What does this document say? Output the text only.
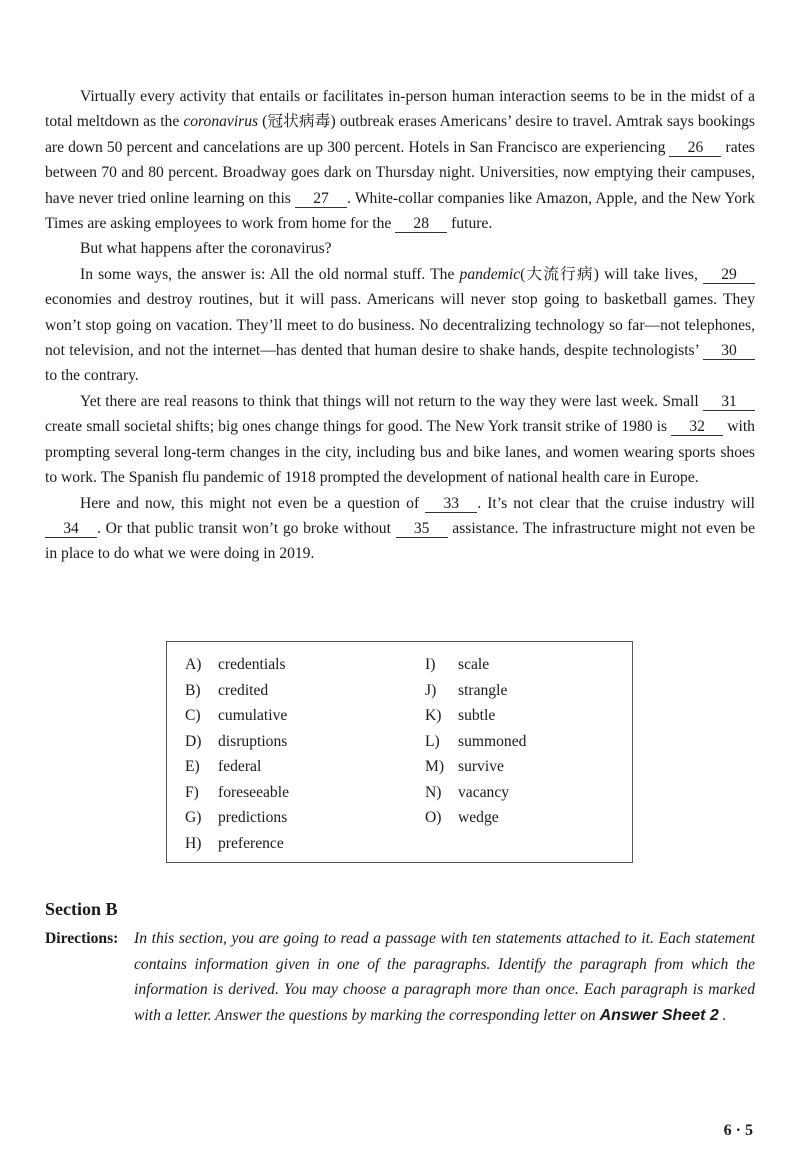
Virtually every activity that entails or facilitates in-person human interaction seems to be in the midst of a total meltdown as the coronavirus (冠状病毒) outbreak erases Americans’ desire to travel. Amtrak says bookings are down 50 percent and cancelations are up 300 percent. Hotels in San Francisco are experiencing 26 rates between 70 and 80 percent. Broadway goes dark on Thursday night. Universities, now emptying their campuses, have never tried online learning on this 27 . White-collar companies like Amazon, Apple, and the New York Times are asking employees to work from home for the 28 future.

But what happens after the coronavirus?

In some ways, the answer is: All the old normal stuff. The pandemic(大流行病) will take lives, 29 economies and destroy routines, but it will pass. Americans will never stop going to basketball games. They won’t stop going on vacation. They’ll meet to do business. No decentralizing technology so far—not telephones, not television, and not the internet—has dented that human desire to shake hands, despite technologists’ 30 to the contrary.

Yet there are real reasons to think that things will not return to the way they were last week. Small 31 create small societal shifts; big ones change things for good. The New York transit strike of 1980 is 32 with prompting several long-term changes in the city, including bus and bike lanes, and women wearing sports shoes to work. The Spanish flu pandemic of 1918 prompted the development of national health care in Europe.

Here and now, this might not even be a question of 33 . It’s not clear that the cruise industry will 34 . Or that public transit won’t go broke without 35 assistance. The infrastructure might not even be in place to do what we were doing in 2019.

A) credentials
B) credited
C) cumulative
D) disruptions
E) federal
F) foreseeable
G) predictions
H) preference
I) scale
J) strangle
K) subtle
L) summoned
M) survive
N) vacancy
O) wedge
Section B
Directions: In this section, you are going to read a passage with ten statements attached to it. Each statement contains information given in one of the paragraphs. Identify the paragraph from which the information is derived. You may choose a paragraph more than once. Each paragraph is marked with a letter. Answer the questions by marking the corresponding letter on Answer Sheet 2 .
6 · 5
